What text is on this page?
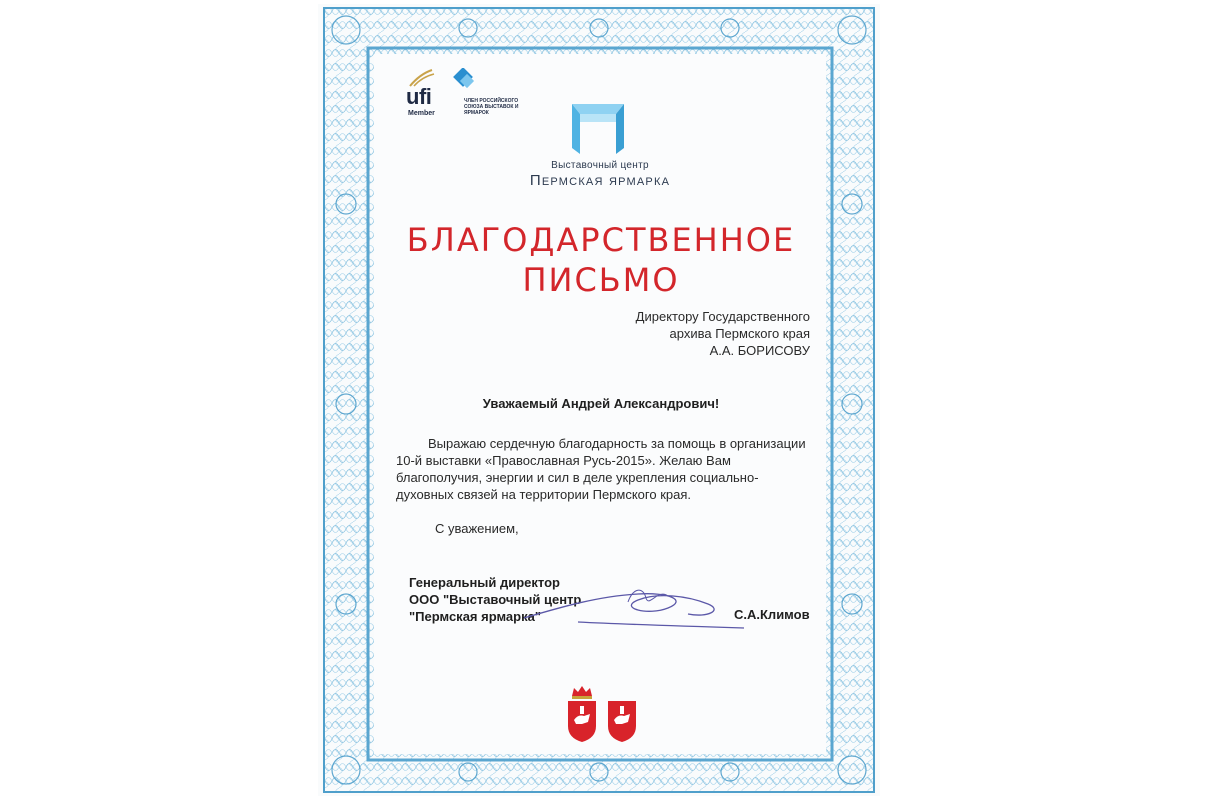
ufi
Member
ЧЛЕН РОССИЙСКОГО СОЮЗА ВЫСТАВОК И ЯРМАРОК
Выставочный центр
Пермская ярмарка
БЛАГОДАРСТВЕННОЕ
ПИСЬМО
Директору Государственного
архива Пермского края
А.А. БОРИСОВУ
Уважаемый Андрей Александрович!
Выражаю сердечную благодарность за помощь в организации
10-й выставки «Православная Русь-2015». Желаю Вам
благополучия, энергии и сил в деле укрепления социально-
духовных связей на территории Пермского края.
С уважением,
Генеральный директор
ООО "Выставочный центр
"Пермская ярмарка"	С.А.Климов
